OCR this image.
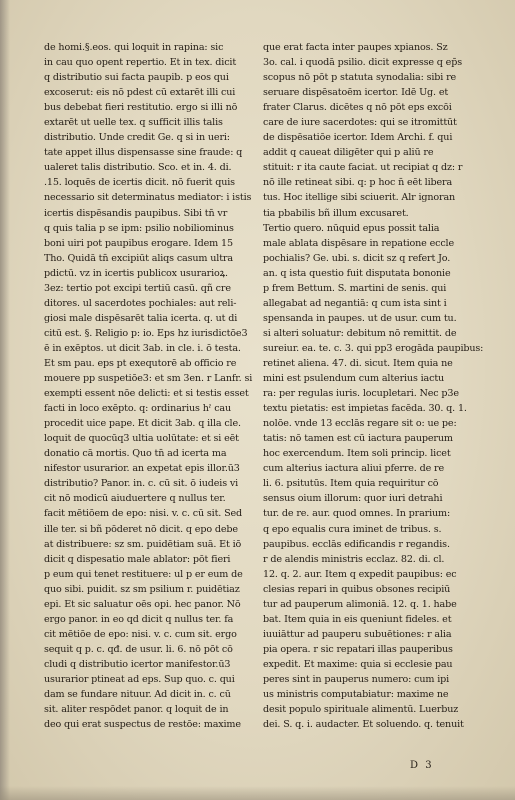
de homi.§.eos. qui loquit in rapina: sic
in cau quo opent repertio. Et in tex. dicit
q distributio sui facta paupib. p eos qui
excoserut: eis nō pdest cū extarēt illi cui
bus debebat fieri restitutio. ergo si illi nō
extarēt ut uelle tex. q sufficit illis talis
distributio. Unde credit Ge. q si in ueri:
tate appet illus dispensasse sine fraude: q
ualeret talis distributio. Sco. et in. 4. di.
.15. loquēs de icertis dicit. nō fuerit quis
necessario sit determinatus mediator: i istis
icertis dispēsandis paupibus. Sibi tn̄ vr
q quis talia p se ipm: psilio nobiliominus
boni uiri pot paupibus erogare. Idem 15
Tho. Quidā tn̄ excipiūt aliqs casum ultra
pdictū. vz in icertis publicox usurarioꝝ.
3ez: tertio pot excipi tertiū casū. qñ cre
ditores. ul sacerdotes pochiales: aut reli-
giosi male dispēsarēt talia icerta. q. ut di
citū est. §. Religio p: io. Eps hz iurisdictōe3
ē in exēptos. ut dicit 3ab. in cle. i. ō testa.
Et sm pau. eps pt exequtorē ab officio re
mouere pp suspetiōe3: et sm 3en. r Lanfr. si
exempti essent nōe delicti: et si testis esset
facti in loco exēpto. q: ordinarius hˀ cau
procedit uice pape. Et dicit 3ab. q illa cle.
loquit de quocūq3 ultia uolūtate: et si eēt
donatio cā mortis. Quo tn̄ ad icerta ma
nifestor usurarior. an expetat epis illor.ū3
distributio? Panor. in. c. cū sit. ō iudeis vi
cit nō modicū aiuduertere q nullus ter.
facit mētiōem de epo: nisi. v. c. cū sit. Sed
ille ter. si bñ pōderet nō dicit. q epo debe
at distribuere: sz sm. puidētiam suā. Et iō
dicit q dispesatio male ablator: pōt fieri
p eum qui tenet restituere: ul p er eum de
quo sibi. puidit. sz sm psilium r. puidētiaz
epi. Et sic saluatur oēs opi. hec panor. Nō
ergo panor. in eo qd dicit q nullus ter. fa
cit mētiōe de epo: nisi. v. c. cum sit. ergo
sequit q p. c. qđ. de usur. li. 6. nō pōt cō
cludi q distributio icertor manifestor.ū3
usurarior ptineat ad eps. Sup quo. c. qui
dam se fundare nituur. Ad dicit in. c. cū
sit. aliter respōdet panor. q loquit de in
deo qui erat suspectus de restōe: maxime
que erat facta inter paupes xpianos. Sz
3o. cal. i quodā psilio. dicit expresse q ep̄s
scopus nō pōt p statuta synodalia: sibi re
seruare dispēsatoēm icertor. Idē Ug. et
frater Clarus. dicētes q nō pōt eps excōi
care de iure sacerdotes: qui se itromittūt
de dispēsatiōe icertor. Idem Archi. f. qui
addit q caueat diligēter qui p aliū re
stituit: r ita caute faciat. ut recipiat q dz: r
nō ille retineat sibi. q: p hoc n̄ eēt libera
tus. Hoc itellige sibi sciuerit. Alr ignoran
tia pbabilis bñ illum excusaret.
Tertio quero. nūquid epus possit talia
male ablata dispēsare in repatione eccle
pochialis? Ge. ubi. s. dicit sz q refert Jo.
an. q ista questio fuit disputata bononie
p frem Bettum. S. martini de senis. qui
allegabat ad negantiā: q cum ista sint i
spensanda in paupes. ut de usur. cum tu.
si alteri soluatur: debitum nō remittit. de
sureiur. ea. te. c. 3. qui pp3 erogāda paupibus:
retinet aliena. 47. di. sicut. Item quia ne
mini est psulendum cum alterius iactu
ra: per regulas iuris. locupletari. Nec p3e
textu pietatis: est impietas facēda. 30. q. 1.
nolōe. vnde 13 ecclās regare sit o: ue pe:
tatis: nō tamen est cū iactura pauperum
hoc exercendum. Item soli princip. licet
cum alterius iactura aliui pferre. de re
li. 6. psitutūs. Item quia requiritur cō
sensus oium illorum: quor iuri detrahi
tur. de re. aur. quod omnes. In prarium:
q epo equalis cura iminet de tribus. s.
paupibus. ecclās edificandis r regandis.
r de alendis ministris ecclaz. 82. di. cl.
12. q. 2. aur. Item q expedit paupibus: ec
clesias repari in quibus obsones recipiū
tur ad pauperum alimoniā. 12. q. 1. habe
bat. Item quia in eis queniunt fideles. et
iuuiāttur ad pauperu subuētiones: r alia
pia opera. r sic repatari illas pauperibus
expedit. Et maxime: quia si ecclesie pau
peres sint in pauperus numero: cum ipi
us ministris computabiatur: maxime ne
desit populo spirituale alimentū. Luerbuz
dei. S. q. i. audacter. Et soluendo. q. tenuit
D 3
